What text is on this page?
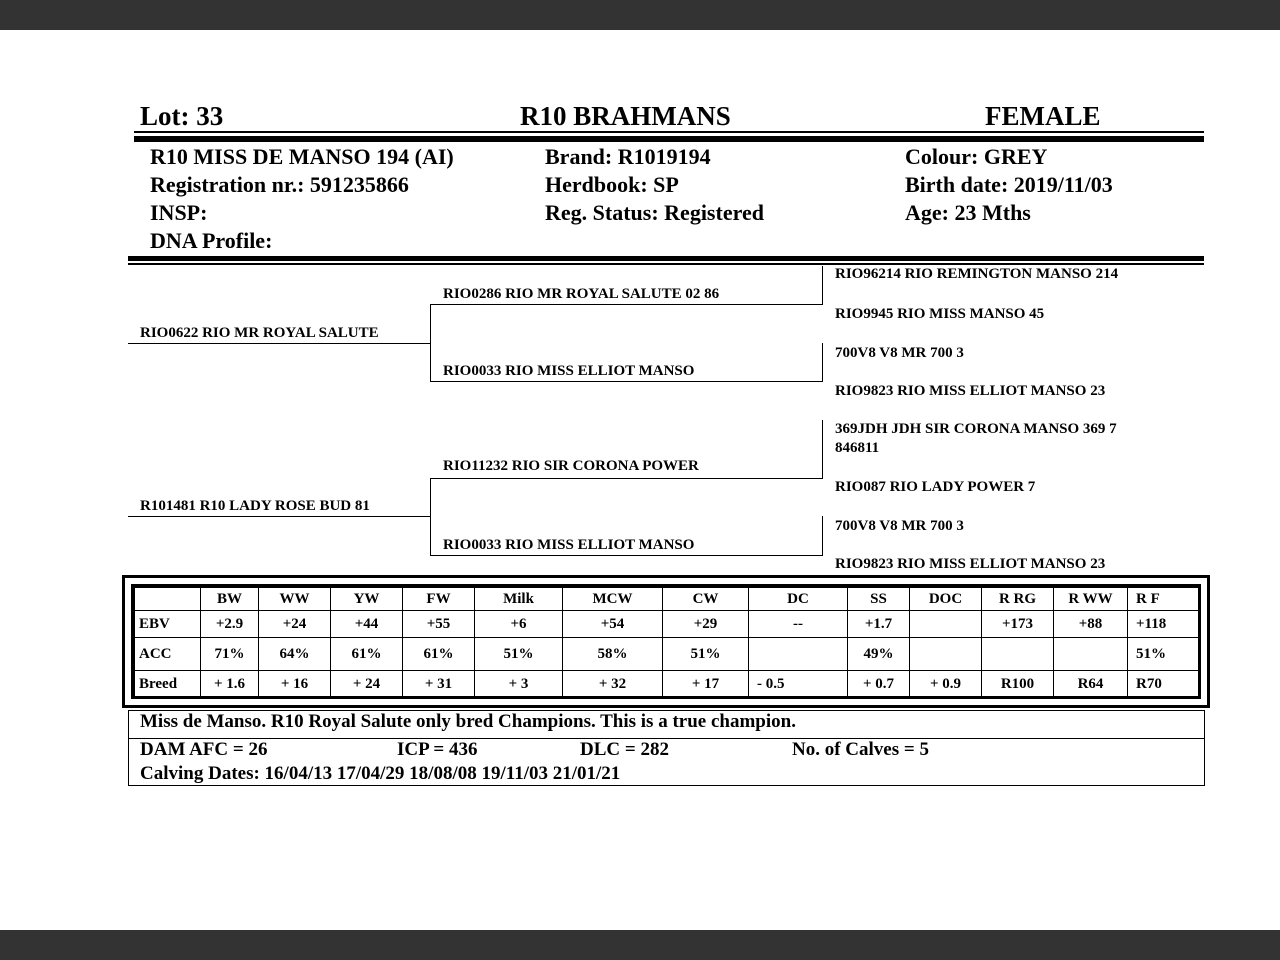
Lot: 33	R10 BRAHMANS	FEMALE
R10 MISS DE MANSO 194 (AI)
Registration nr.: 591235866
INSP:
DNA Profile:
Brand: R1019194
Herdbook: SP
Reg. Status: Registered
Colour: GREY
Birth date: 2019/11/03
Age: 23 Mths
RIO0622 RIO MR ROYAL SALUTE
R101481 R10 LADY ROSE BUD 81
RIO0286 RIO MR ROYAL SALUTE 02 86
RIO0033 RIO MISS ELLIOT MANSO
RIO11232 RIO SIR CORONA POWER
RIO0033 RIO MISS ELLIOT MANSO
RIO96214 RIO REMINGTON MANSO 214
RIO9945 RIO MISS MANSO 45
700V8 V8 MR 700 3
RIO9823 RIO MISS ELLIOT MANSO 23
369JDH JDH SIR CORONA MANSO 369 7
846811
RIO087 RIO LADY POWER 7
700V8 V8 MR 700 3
RIO9823 RIO MISS ELLIOT MANSO 23
	BW	WW	YW	FW	Milk	MCW	CW	DC	SS	DOC	R RG	R WW	R F
EBV	+2.9	+24	+44	+55	+6	+54	+29	--	+1.7		+173	+88	+118
ACC	71%	64%	61%	61%	51%	58%	51%		49%				51%
Breed	+ 1.6	+ 16	+ 24	+ 31	+ 3	+ 32	+ 17	- 0.5	+ 0.7	+ 0.9	R100	R64	R70
Miss de Manso. R10 Royal Salute only bred Champions. This is a true champion.
DAM AFC = 26	ICP = 436	DLC = 282	No. of Calves = 5
Calving Dates: 16/04/13 17/04/29 18/08/08 19/11/03 21/01/21
